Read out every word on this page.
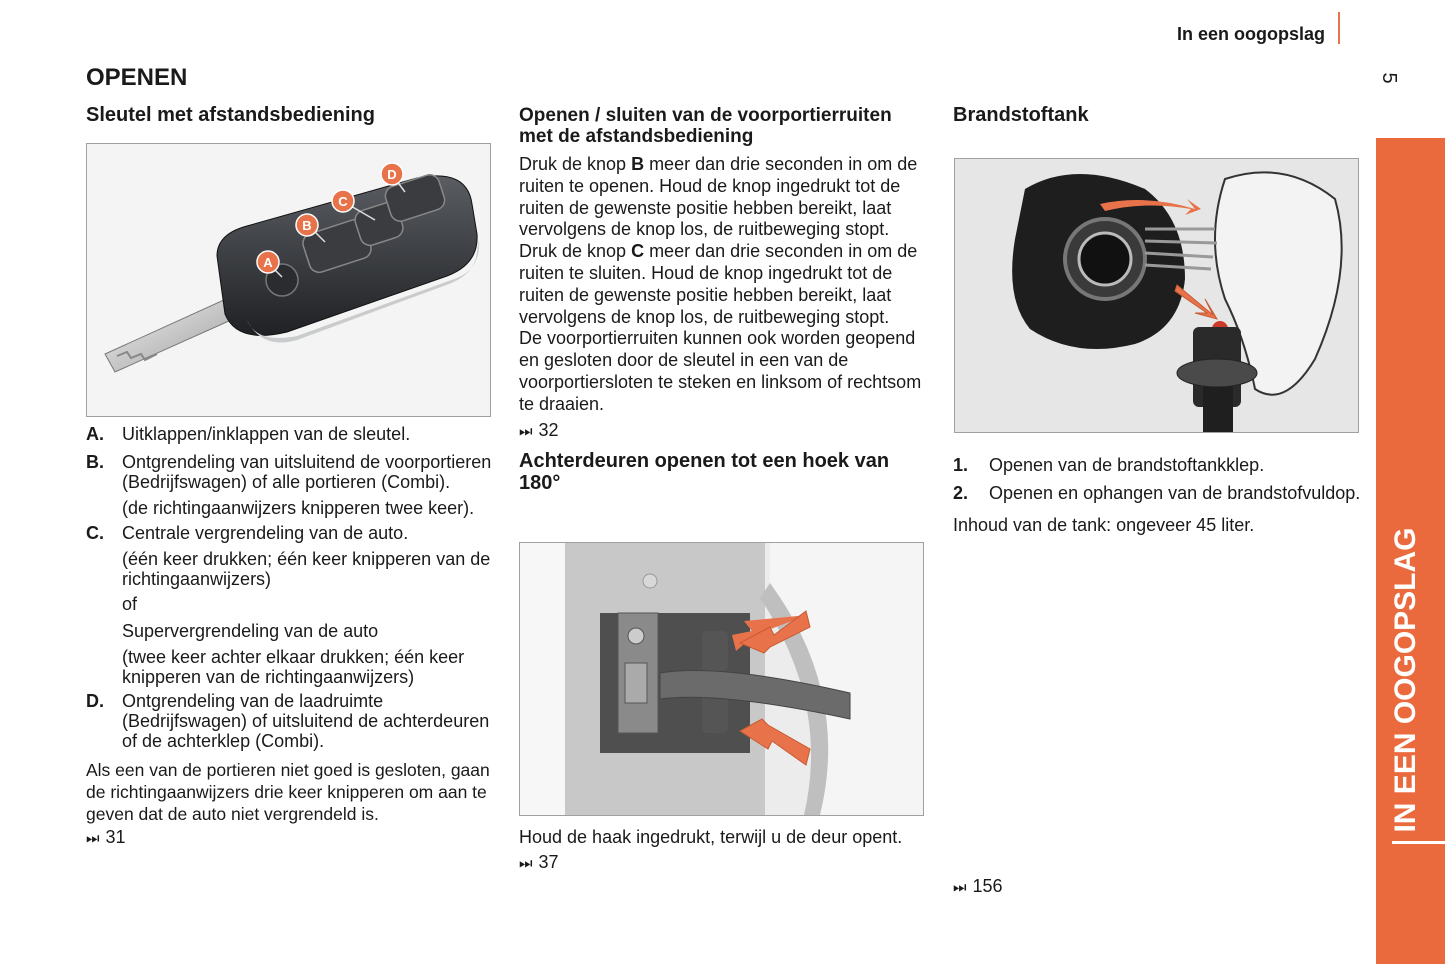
In een oogopslag
5
IN EEN OOGOPSLAG
OPENEN
Sleutel met afstandsbediening
A
B
C
D
A. Uitklappen/inklappen van de sleutel.
B. Ontgrendeling van uitsluitend de voorportieren (Bedrijfswagen) of alle portieren (Combi).
(de richtingaanwijzers knipperen twee keer).
C. Centrale vergrendeling van de auto.
(één keer drukken; één keer knipperen van de richtingaanwijzers)
of
Supervergrendeling van de auto
(twee keer achter elkaar drukken; één keer knipperen van de richtingaanwijzers)
D. Ontgrendeling van de laadruimte (Bedrijfswagen) of uitsluitend de achterdeuren of de achterklep (Combi).
Als een van de portieren niet goed is gesloten, gaan de richtingaanwijzers drie keer knipperen om aan te geven dat de auto niet vergrendeld is.
⏭ 31
Openen / sluiten van de voorportierruiten met de afstandsbediening
Druk de knop B meer dan drie seconden in om de ruiten te openen. Houd de knop ingedrukt tot de ruiten de gewenste positie hebben bereikt, laat vervolgens de knop los, de ruitbeweging stopt.
Druk de knop C meer dan drie seconden in om de ruiten te sluiten. Houd de knop ingedrukt tot de ruiten de gewenste positie hebben bereikt, laat vervolgens de knop los, de ruitbeweging stopt.
De voorportierruiten kunnen ook worden geopend en gesloten door de sleutel in een van de voorportiersloten te steken en linksom of rechtsom te draaien.
⏭ 32
Achterdeuren openen tot een hoek van 180°
Houd de haak ingedrukt, terwijl u de deur opent.
⏭ 37
Brandstoftank
1. Openen van de brandstoftankklep.
2. Openen en ophangen van de brandstofvuldop.
Inhoud van de tank: ongeveer 45 liter.
⏭ 156
